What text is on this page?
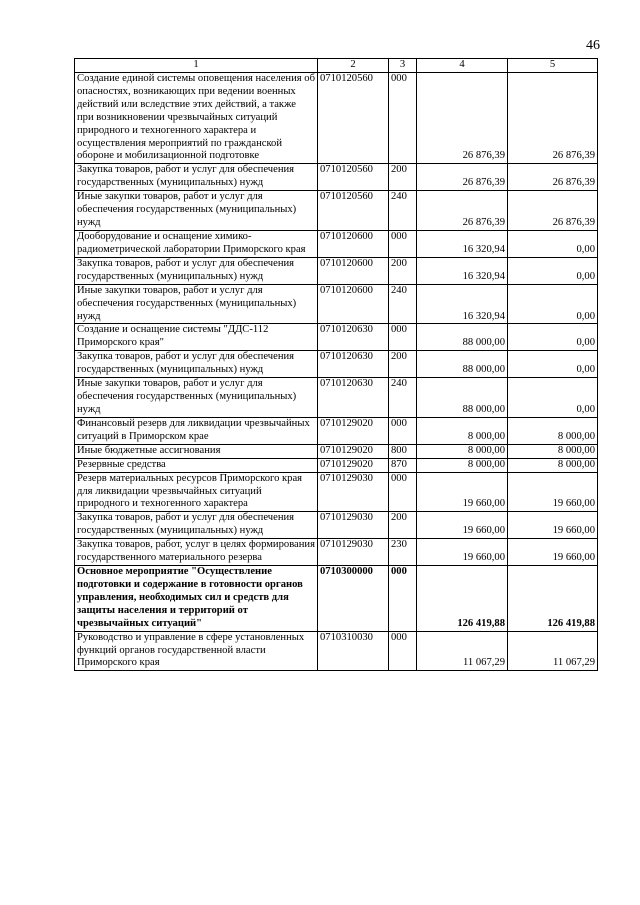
46
1	2	3	4	5
Создание единой системы оповещения населения об опасностях, возникающих при ведении военных действий или вследствие этих действий, а также при возникновении чрезвычайных ситуаций природного и техногенного характера и осуществления мероприятий по гражданской обороне и мобилизационной подготовке	0710120560	000	26 876,39	26 876,39
Закупка товаров, работ и услуг для обеспечения государственных (муниципальных) нужд	0710120560	200	26 876,39	26 876,39
Иные закупки товаров, работ и услуг для обеспечения государственных (муниципальных) нужд	0710120560	240	26 876,39	26 876,39
Дооборудование и оснащение химико-радиометрической лаборатории Приморского края	0710120600	000	16 320,94	0,00
Закупка товаров, работ и услуг для обеспечения государственных (муниципальных) нужд	0710120600	200	16 320,94	0,00
Иные закупки товаров, работ и услуг для обеспечения государственных (муниципальных) нужд	0710120600	240	16 320,94	0,00
Создание и оснащение системы "ДДС-112 Приморского края"	0710120630	000	88 000,00	0,00
Закупка товаров, работ и услуг для обеспечения государственных (муниципальных) нужд	0710120630	200	88 000,00	0,00
Иные закупки товаров, работ и услуг для обеспечения государственных (муниципальных) нужд	0710120630	240	88 000,00	0,00
Финансовый резерв для ликвидации чрезвычайных ситуаций в Приморском крае	0710129020	000	8 000,00	8 000,00
Иные бюджетные ассигнования	0710129020	800	8 000,00	8 000,00
Резервные средства	0710129020	870	8 000,00	8 000,00
Резерв материальных ресурсов Приморского края для ликвидации чрезвычайных ситуаций природного и техногенного характера	0710129030	000	19 660,00	19 660,00
Закупка товаров, работ и услуг для обеспечения государственных (муниципальных) нужд	0710129030	200	19 660,00	19 660,00
Закупка товаров, работ, услуг в целях формирования государственного материального резерва	0710129030	230	19 660,00	19 660,00
Основное мероприятие "Осуществление подготовки и содержание в готовности органов управления, необходимых сил и средств для защиты населения и территорий от чрезвычайных ситуаций"	0710300000	000	126 419,88	126 419,88
Руководство и управление в сфере установленных функций органов государственной власти Приморского края	0710310030	000	11 067,29	11 067,29
